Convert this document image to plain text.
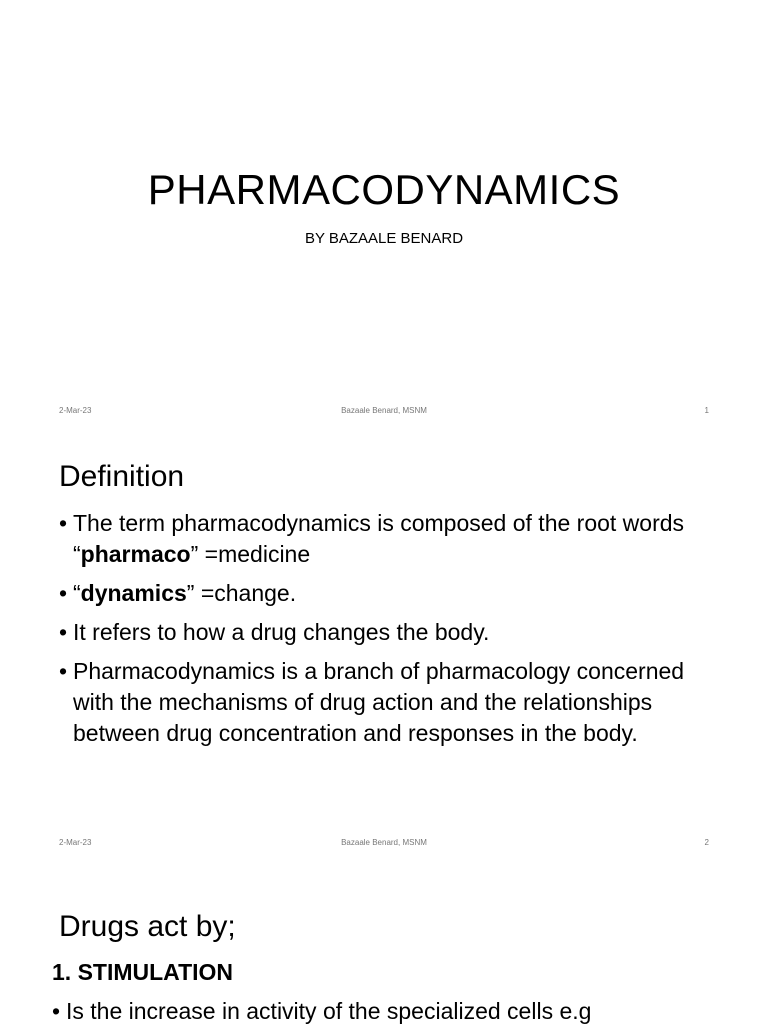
PHARMACODYNAMICS
BY BAZAALE BENARD
2-Mar-23	Bazaale Benard, MSNM	1
Definition
• The term pharmacodynamics is composed of the root words “pharmaco” =medicine
• “dynamics” =change.
• It refers to how a drug changes the body.
• Pharmacodynamics is a branch of pharmacology concerned with the mechanisms of drug action and the relationships between drug concentration and responses in the body.
2-Mar-23	Bazaale Benard, MSNM	2
Drugs act by;
1. STIMULATION
• Is the increase in activity of the specialized cells e.g
